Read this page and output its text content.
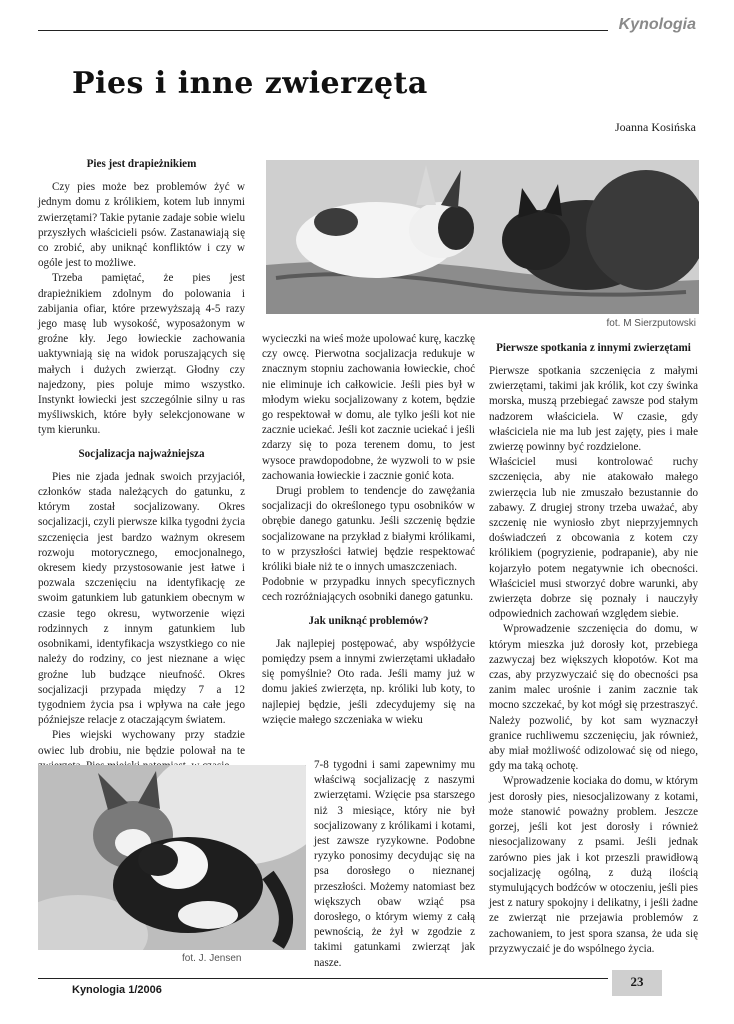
Kynologia
Pies i inne zwierzęta
Joanna Kosińska
Pies jest drapieżnikiem

Czy pies może bez problemów żyć w jednym domu z królikiem, kotem lub innymi zwierzętami? Takie pytanie zadaje sobie wielu przyszłych właścicieli psów. Zastanawiają się co zrobić, aby uniknąć konfliktów i czy w ogóle jest to możliwe.

Trzeba pamiętać, że pies jest drapieżnikiem zdolnym do polowania i zabijania ofiar, które przewyższają 4-5 razy jego masę lub wysokość, wyposażonym w groźne kły. Jego łowieckie zachowania uaktywniają się na widok poruszających się małych i dużych zwierząt. Głodny czy najedzony, pies poluje mimo wszystko. Instynkt łowiecki jest szczególnie silny u ras myśliwskich, które były selekcjonowane w tym kierunku.

Socjalizacja najważniejsza

Pies nie zjada jednak swoich przyjaciół, członków stada należących do gatunku, z którym został socjalizowany. Okres socjalizacji, czyli pierwsze kilka tygodni życia szczenięcia jest bardzo ważnym okresem rozwoju motorycznego, emocjonalnego, okresem kiedy przystosowanie jest łatwe i pozwala szczenięciu na identyfikację ze swoim gatunkiem lub gatunkiem obecnym w czasie tego okresu, wytworzenie więzi rodzinnych z innym gatunkiem lub osobnikami, identyfikacja wszystkiego co nie należy do rodziny, co jest nieznane a więc groźne lub budzące nieufność. Okres socjalizacji przypada między 7 a 12 tygodniem życia psa i wpływa na całe jego późniejsze relacje z otaczającym światem.

Pies wiejski wychowany przy stadzie owiec lub drobiu, nie będzie polował na te

fot. M Sierzputowski

wycieczki na wieś może upolować kurę, kaczkę czy owcę. Pierwotna socjalizacja redukuje w znacznym stopniu zachowania łowieckie, choć nie eliminuje ich całkowicie. Jeśli pies był w młodym wieku socjalizowany z kotem, będzie go respektował w domu, ale tylko jeśli kot nie zacznie uciekać. Jeśli kot zacznie uciekać i jeśli zdarzy się to poza terenem domu, to jest wysoce prawdopodobne, że wyzwoli to w psie zachowania łowieckie i zacznie gonić kota.

Drugi problem to tendencje do zawężania socjalizacji do określonego typu osobników w obrębie danego gatunku. Jeśli szczenię będzie socjalizowane na przykład z białymi królikami, to w przyszłości łatwiej będzie respektować króliki białe niż te o innych umaszczeniach.

Podobnie w przypadku innych specyficznych cech rozróżniających osobniki danego gatunku.

Jak uniknąć problemów?

Jak najlepiej postępować, aby współżycie pomiędzy psem a innymi zwierzętami układało się pomyślnie? Oto rada. Jeśli mamy już w domu jakieś zwierzęta, np. króliki lub koty, to najlepiej będzie, jeśli zdecydujemy się na wzięcie małego szczeniaka w wieku

7-8 tygodni i sami zapewnimy mu właściwą socjalizację z naszymi zwierzętami. Wzięcie psa starszego niż 3 miesiące, który nie był socjalizowany z królikami i kotami, jest zawsze ryzykowne. Podobne ryzyko ponosimy decydując się na psa dorosłego o nieznanej przeszłości. Możemy natomiast bez większych obaw wziąć psa dorosłego, o którym wiemy z całą pewnością, że żył w zgodzie z takimi gatunkami zwierząt jak nasze.

fot. J. Jensen

Pierwsze spotkania szczenięcia z małymi zwierzętami, takimi jak królik, kot czy świnka morska, muszą przebiegać zawsze pod stałym nadzorem właściciela. W czasie, gdy właściciela nie ma lub jest zajęty, pies i małe zwierzę powinny być rozdzielone.

Właściciel musi kontrolować ruchy szczenięcia, aby nie atakowało małego zwierzęcia lub nie zmuszało bezustannie do zabawy. Z drugiej strony trzeba uważać, aby szczenię nie wyniosło zbyt nieprzyjemnych doświadczeń z obcowania z kotem czy królikiem (pogryzienie, podrapanie), aby nie kojarzyło potem negatywnie ich obecności. Właściciel musi stworzyć dobre warunki, aby zwierzęta dobrze się poznały i nauczyły odpowiednich zachowań względem siebie.

Wprowadzenie szczenięcia do domu, w którym mieszka już dorosły kot, przebiega zazwyczaj bez większych kłopotów. Kot ma czas, aby przyzwyczaić się do obecności psa zanim malec urośnie i zanim zacznie tak mocno szczekać, by kot mógł się przestraszyć. Należy pozwolić, by kot sam wyznaczył granice ruchliwemu szczenięciu, jak również, aby miał możliwość odizolować się od niego, gdy ma taką ochotę.

Wprowadzenie kociaka do domu, w którym jest dorosły pies, niesocjalizowany z kotami, może stanowić poważny problem. Jeszcze gorzej, jeśli kot jest dorosły i również niesocjalizowany z psami. Jeśli jednak zarówno pies jak i kot przeszli prawidłową socjalizację ogólną, z dużą ilością stymulujących bodźców w otoczeniu, jeśli pies jest z natury spokojny i delikatny, i jeśli żadne ze zwierząt nie przejawia problemów z zachowaniem, to jest spora szansa, że uda się przyzwyczaić je do wspólnego życia.

Pierwsze spotkania z innymi zwierzętami
Kynologia 1/2006
23
